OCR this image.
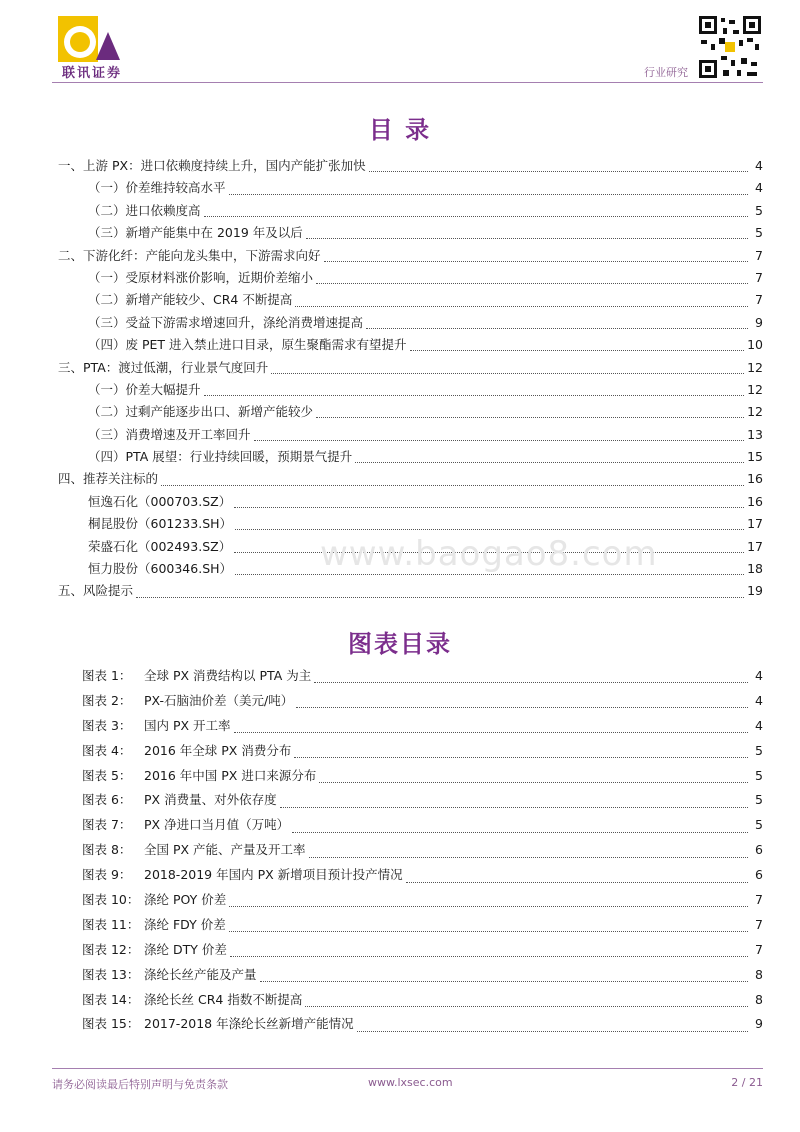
联讯证券	行业研究
目 录
一、上游 PX：进口依赖度持续上升，国内产能扩张加快	4
（一）价差维持较高水平	4
（二）进口依赖度高	5
（三）新增产能集中在 2019 年及以后	5
二、下游化纤：产能向龙头集中，下游需求向好	7
（一）受原材料涨价影响，近期价差缩小	7
（二）新增产能较少、CR4 不断提高	7
（三）受益下游需求增速回升，涤纶消费增速提高	9
（四）废 PET 进入禁止进口目录，原生聚酯需求有望提升	10
三、PTA：渡过低潮，行业景气度回升	12
（一）价差大幅提升	12
（二）过剩产能逐步出口、新增产能较少	12
（三）消费增速及开工率回升	13
（四）PTA 展望：行业持续回暖，预期景气提升	15
四、推荐关注标的	16
恒逸石化（000703.SZ）	16
桐昆股份（601233.SH）	17
荣盛石化（002493.SZ）	17
恒力股份（600346.SH）	18
五、风险提示	19
www.baogao8.com
图表目录
图表 1：	全球 PX 消费结构以 PTA 为主	4
图表 2：	PX-石脑油价差（美元/吨）	4
图表 3：	国内 PX 开工率	4
图表 4：	2016 年全球 PX 消费分布	5
图表 5：	2016 年中国 PX 进口来源分布	5
图表 6：	PX 消费量、对外依存度	5
图表 7：	PX 净进口当月值（万吨）	5
图表 8：	全国 PX 产能、产量及开工率	6
图表 9：	2018-2019 年国内 PX 新增项目预计投产情况	6
图表 10： 涤纶 POY 价差	7
图表 11： 涤纶 FDY 价差	7
图表 12： 涤纶 DTY 价差	7
图表 13： 涤纶长丝产能及产量	8
图表 14： 涤纶长丝 CR4 指数不断提高	8
图表 15： 2017-2018 年涤纶长丝新增产能情况	9
请务必阅读最后特别声明与免责条款	www.lxsec.com	2 / 21
